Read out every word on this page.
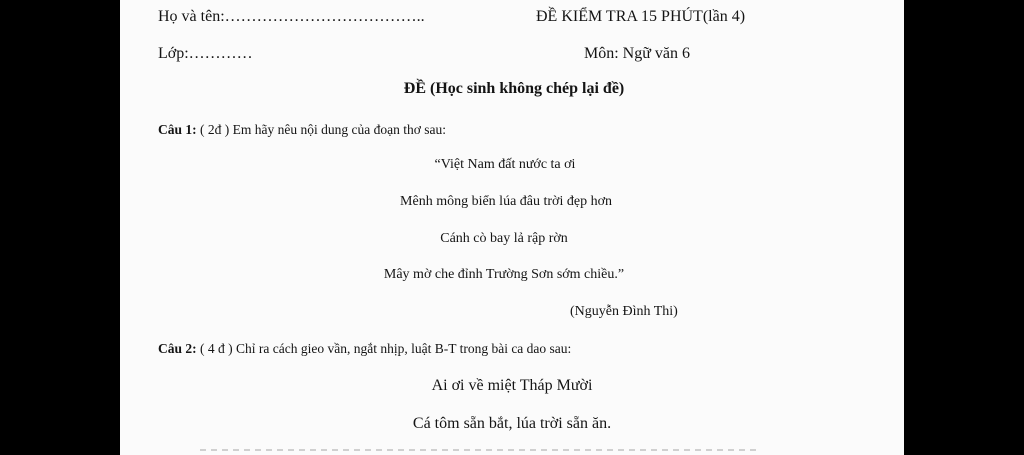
Họ và tên:………………………………..	ĐỀ KIỂM TRA 15 PHÚT(lần 4)
Lớp:…………	Môn: Ngữ văn 6
ĐỀ (Học sinh không chép lại đề)
Câu 1: ( 2đ ) Em hãy nêu nội dung của đoạn thơ sau:
“Việt Nam đất nước ta ơi
Mênh mông biển lúa đâu trời đẹp hơn
Cánh cò bay lả rập rờn
Mây mờ che đỉnh Trường Sơn sớm chiều.”
(Nguyễn Đình Thi)
Câu 2: ( 4 đ ) Chỉ ra cách gieo vần, ngắt nhịp, luật B-T trong bài ca dao sau:
Ai ơi về miệt Tháp Mười
Cá tôm sẵn bắt, lúa trời sẵn ăn.
